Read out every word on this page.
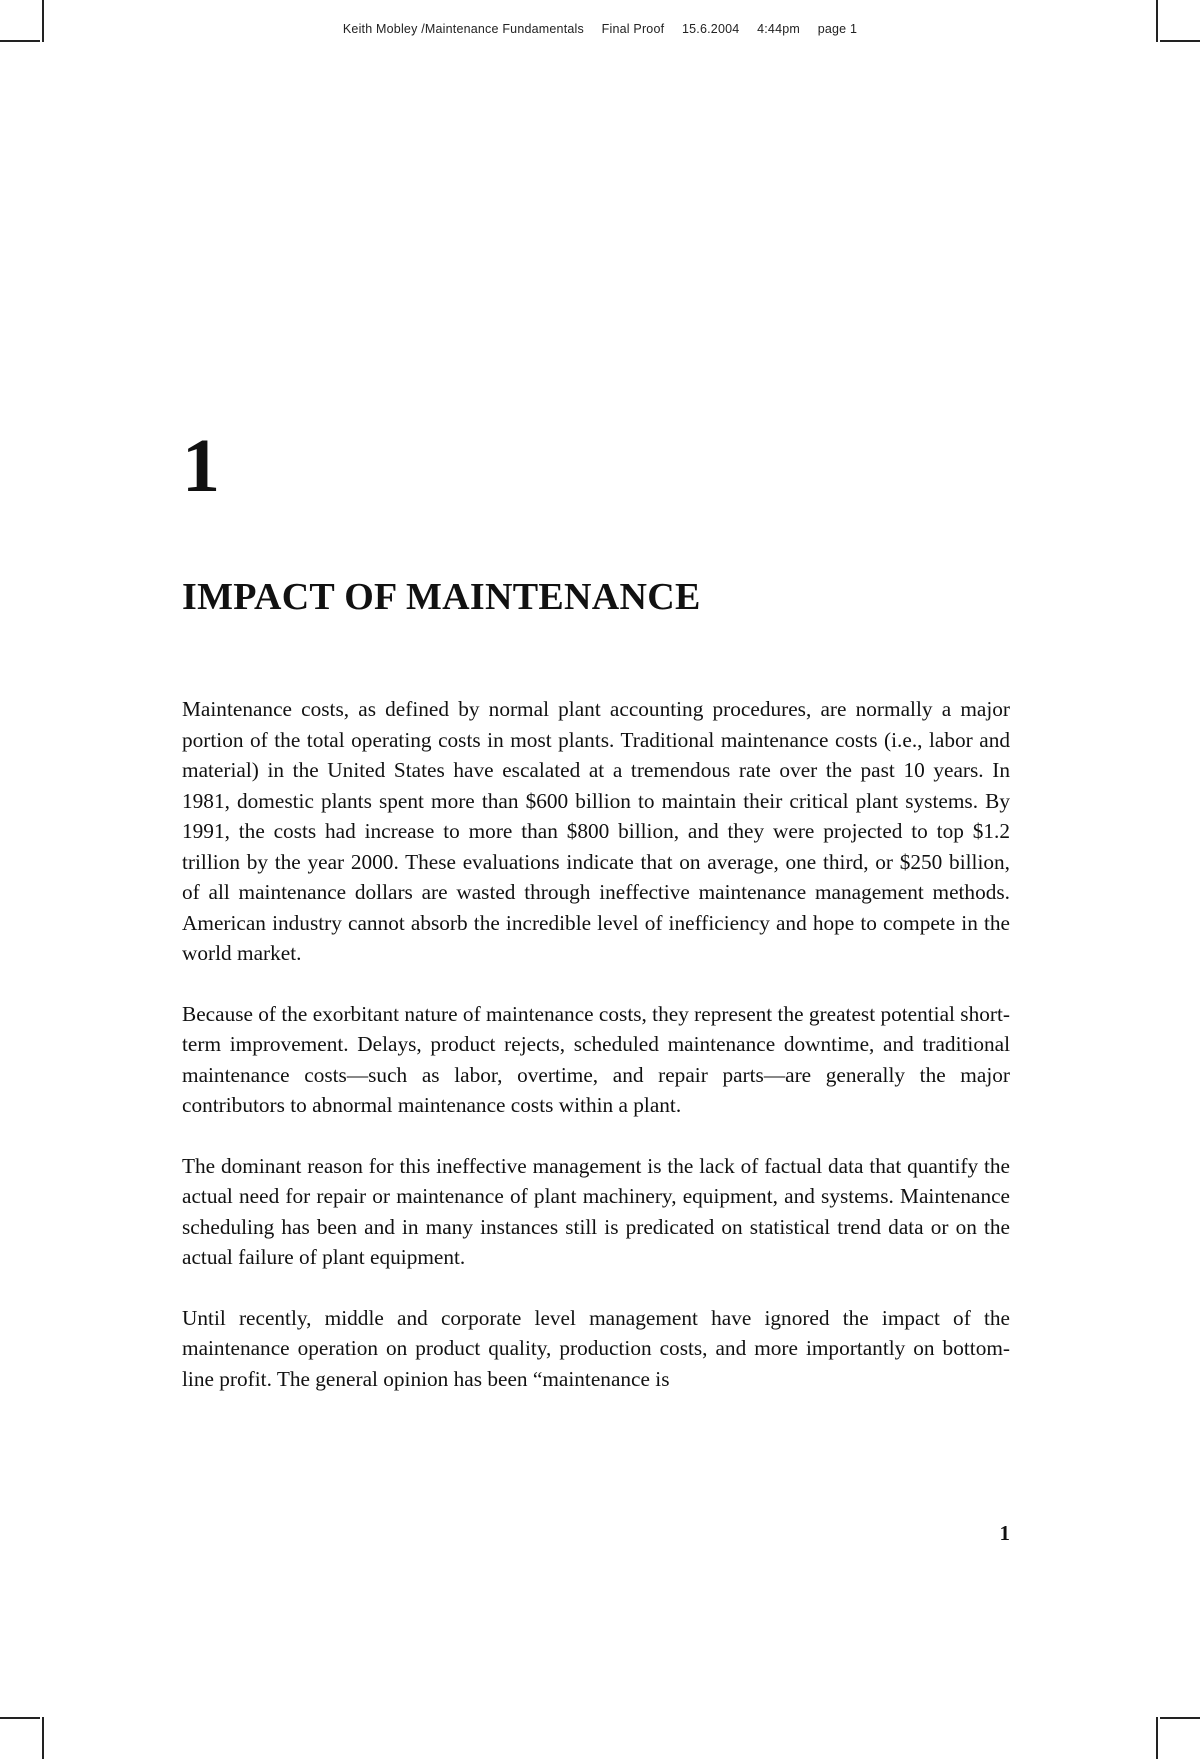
Keith Mobley /Maintenance Fundamentals Final Proof 15.6.2004 4:44pm page 1
1
IMPACT OF MAINTENANCE

Maintenance costs, as defined by normal plant accounting procedures, are normally a major portion of the total operating costs in most plants. Traditional maintenance costs (i.e., labor and material) in the United States have escalated at a tremendous rate over the past 10 years. In 1981, domestic plants spent more than $600 billion to maintain their critical plant systems. By 1991, the costs had increase to more than $800 billion, and they were projected to top $1.2 trillion by the year 2000. These evaluations indicate that on average, one third, or $250 billion, of all maintenance dollars are wasted through ineffective maintenance management methods. American industry cannot absorb the incredible level of inefficiency and hope to compete in the world market.

Because of the exorbitant nature of maintenance costs, they represent the greatest potential short-term improvement. Delays, product rejects, scheduled maintenance downtime, and traditional maintenance costs—such as labor, overtime, and repair parts—are generally the major contributors to abnormal maintenance costs within a plant.

The dominant reason for this ineffective management is the lack of factual data that quantify the actual need for repair or maintenance of plant machinery, equipment, and systems. Maintenance scheduling has been and in many instances still is predicated on statistical trend data or on the actual failure of plant equipment.

Until recently, middle and corporate level management have ignored the impact of the maintenance operation on product quality, production costs, and more importantly on bottom-line profit. The general opinion has been “maintenance is

1
